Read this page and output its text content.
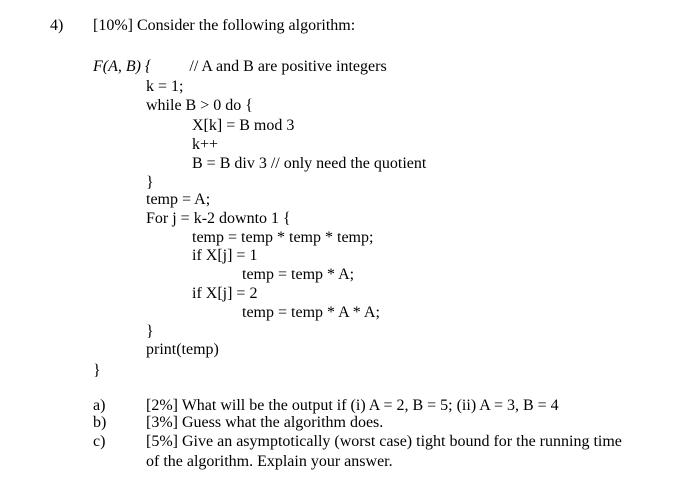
4) [10%] Consider the following algorithm:
F(A, B) { // A and B are positive integers
k = 1;
while B > 0 do {
X[k] = B mod 3
k++
B = B div 3 // only need the quotient
}
temp = A;
For j = k-2 downto 1 {
temp = temp * temp * temp;
if X[j] = 1
temp = temp * A;
if X[j] = 2
temp = temp * A * A;
}
print(temp)
}
a)	[2%] What will be the output if (i) A = 2, B = 5; (ii) A = 3, B = 4
b) [3%] Guess what the algorithm does.
c)	[5%] Give an asymptotically (worst case) tight bound for the running time
of the algorithm. Explain your answer.
